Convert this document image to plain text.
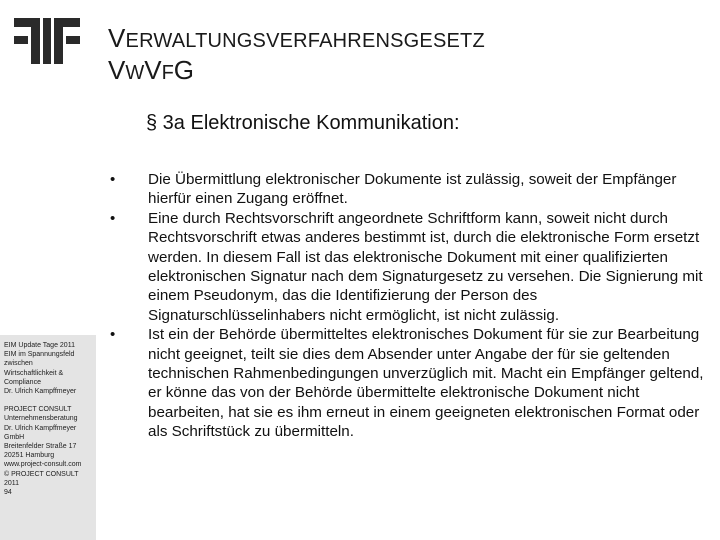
EIM Update Tage 2011
EIM im Spannungsfeld
zwischen
Wirtschaftlichkeit &
Compliance
Dr. Ulrich Kampffmeyer
PROJECT CONSULT
Unternehmensberatung
Dr. Ulrich Kampffmeyer
GmbH
Breitenfelder Straße 17
20251 Hamburg
www.project-consult.com
© PROJECT CONSULT
2011
94
VERWALTUNGSVERFAHRENSGESETZ
VWVFG
§ 3a Elektronische Kommunikation:
• Die Übermittlung elektronischer Dokumente ist zulässig, soweit der Empfänger hierfür einen Zugang eröffnet.
• Eine durch Rechtsvorschrift angeordnete Schriftform kann, soweit nicht durch Rechtsvorschrift etwas anderes bestimmt ist, durch die elektronische Form ersetzt werden. In diesem Fall ist das elektronische Dokument mit einer qualifizierten elektronischen Signatur nach dem Signaturgesetz zu versehen. Die Signierung mit einem Pseudonym, das die Identifizierung der Person des Signaturschlüsselinhabers nicht ermöglicht, ist nicht zulässig.
• Ist ein der Behörde übermitteltes elektronisches Dokument für sie zur Bearbeitung nicht geeignet, teilt sie dies dem Absender unter Angabe der für sie geltenden technischen Rahmenbedingungen unverzüglich mit. Macht ein Empfänger geltend, er könne das von der Behörde übermittelte elektronische Dokument nicht bearbeiten, hat sie es ihm erneut in einem geeigneten elektronischen Format oder als Schriftstück zu übermitteln.
